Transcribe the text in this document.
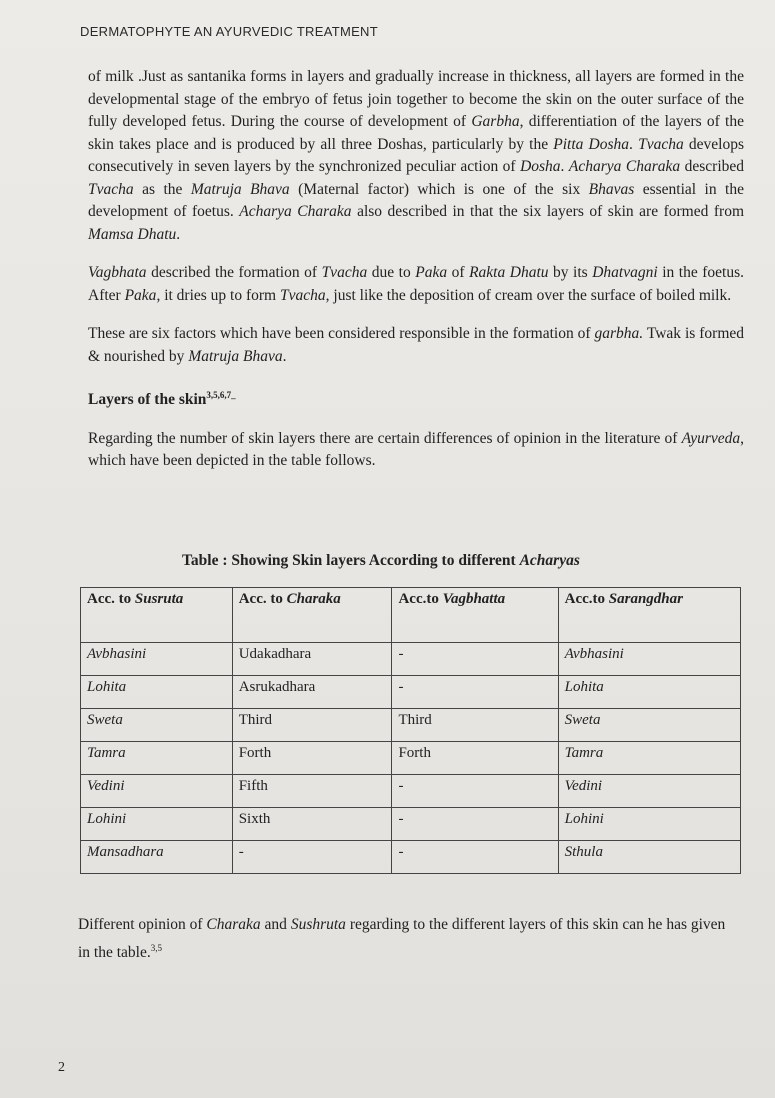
DERMATOPHYTE AN AYURVEDIC TREATMENT

of milk .Just as santanika forms in layers and gradually increase in thickness, all layers are formed in the developmental stage of the embryo of fetus join together to become the skin on the outer surface of the fully developed fetus. During the course of development of Garbha, differentiation of the layers of the skin takes place and is produced by all three Doshas, particularly by the Pitta Dosha. Tvacha develops consecutively in seven layers by the synchronized peculiar action of Dosha. Acharya Charaka described Tvacha as the Matruja Bhava (Maternal factor) which is one of the six Bhavas essential in the development of foetus. Acharya Charaka also described in that the six layers of skin are formed from Mamsa Dhatu.

Vagbhata described the formation of Tvacha due to Paka of Rakta Dhatu by its Dhatvagni in the foetus. After Paka, it dries up to form Tvacha, just like the deposition of cream over the surface of boiled milk.

These are six factors which have been considered responsible in the formation of garbha. Twak is formed & nourished by Matruja Bhava.

Layers of the skin$^{3,5,6,7\_}$

Regarding the number of skin layers there are certain differences of opinion in the literature of Ayurveda, which have been depicted in the table follows.

Table : Showing Skin layers According to different Acharyas
Acc. to Susruta	Acc. to Charaka	Acc.to Vagbhatta	Acc.to Sarangdhar
Avbhasini	Udakadhara	-	Avbhasini
Lohita	Asrukadhara	-	Lohita
Sweta	Third	Third	Sweta
Tamra	Forth	Forth	Tamra
Vedini	Fifth	-	Vedini
Lohini	Sixth	-	Lohini
Mansadhara	-	-	Sthula
Different opinion of Charaka and Sushruta regarding to the different layers of this skin can he has given in the table.$^{3,5}$
2
